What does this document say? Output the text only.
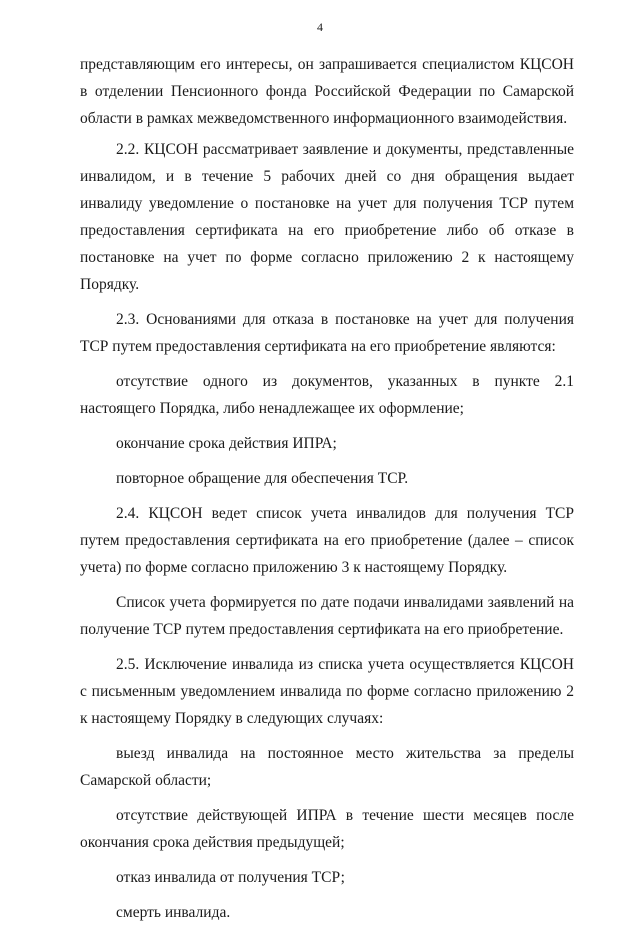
4

представляющим его интересы, он запрашивается специалистом КЦСОН в отделении Пенсионного фонда Российской Федерации по Самарской области в рамках межведомственного информационного взаимодействия.

2.2. КЦСОН рассматривает заявление и документы, представленные инвалидом, и в течение 5 рабочих дней со дня обращения выдает инвалиду уведомление о постановке на учет для получения ТСР путем предоставления сертификата на его приобретение либо об отказе в постановке на учет по форме согласно приложению 2 к настоящему Порядку.

2.3. Основаниями для отказа в постановке на учет для получения ТСР путем предоставления сертификата на его приобретение являются:

отсутствие одного из документов, указанных в пункте 2.1 настоящего Порядка, либо ненадлежащее их оформление;

окончание срока действия ИПРА;

повторное обращение для обеспечения ТСР.

2.4. КЦСОН ведет список учета инвалидов для получения ТСР путем предоставления сертификата на его приобретение (далее – список учета) по форме согласно приложению 3 к настоящему Порядку.

Список учета формируется по дате подачи инвалидами заявлений на получение ТСР путем предоставления сертификата на его приобретение.

2.5. Исключение инвалида из списка учета осуществляется КЦСОН с письменным уведомлением инвалида по форме согласно приложению 2 к настоящему Порядку в следующих случаях:

выезд инвалида на постоянное место жительства за пределы Самарской области;

отсутствие действующей ИПРА в течение шести месяцев после окончания срока действия предыдущей;

отказ инвалида от получения ТСР;

смерть инвалида.
